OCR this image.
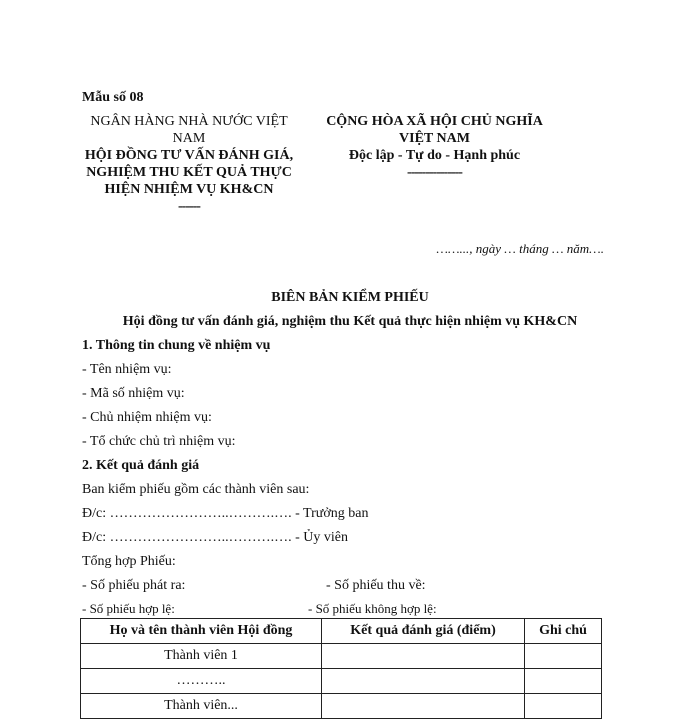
Mẫu số 08
NGÂN HÀNG NHÀ NƯỚC VIỆT NAM
HỘI ĐỒNG TƯ VẤN ĐÁNH GIÁ, NGHIỆM THU KẾT QUẢ THỰC HIỆN NHIỆM VỤ KH&CN
------
CỘNG HÒA XÃ HỘI CHỦ NGHĨA VIỆT NAM
Độc lập - Tự do - Hạnh phúc
---------------
……..., ngày … tháng … năm….
BIÊN BẢN KIỂM PHIẾU
Hội đồng tư vấn đánh giá, nghiệm thu Kết quả thực hiện nhiệm vụ KH&CN
1. Thông tin chung về nhiệm vụ
- Tên nhiệm vụ:
- Mã số nhiệm vụ:
- Chủ nhiệm nhiệm vụ:
- Tổ chức chủ trì nhiệm vụ:
2. Kết quả đánh giá
Ban kiểm phiếu gồm các thành viên sau:
Đ/c: ……………………..……….…. - Trưởng ban
Đ/c: ……………………..……….…. - Ủy viên
Tổng hợp Phiếu:
- Số phiếu phát ra:	- Số phiếu thu về:
- Số phiếu hợp lệ:	- Số phiếu không hợp lệ:
Họ và tên thành viên Hội đồng	Kết quả đánh giá (điểm)	Ghi chú
Thành viên 1		
………..		
Thành viên...		
